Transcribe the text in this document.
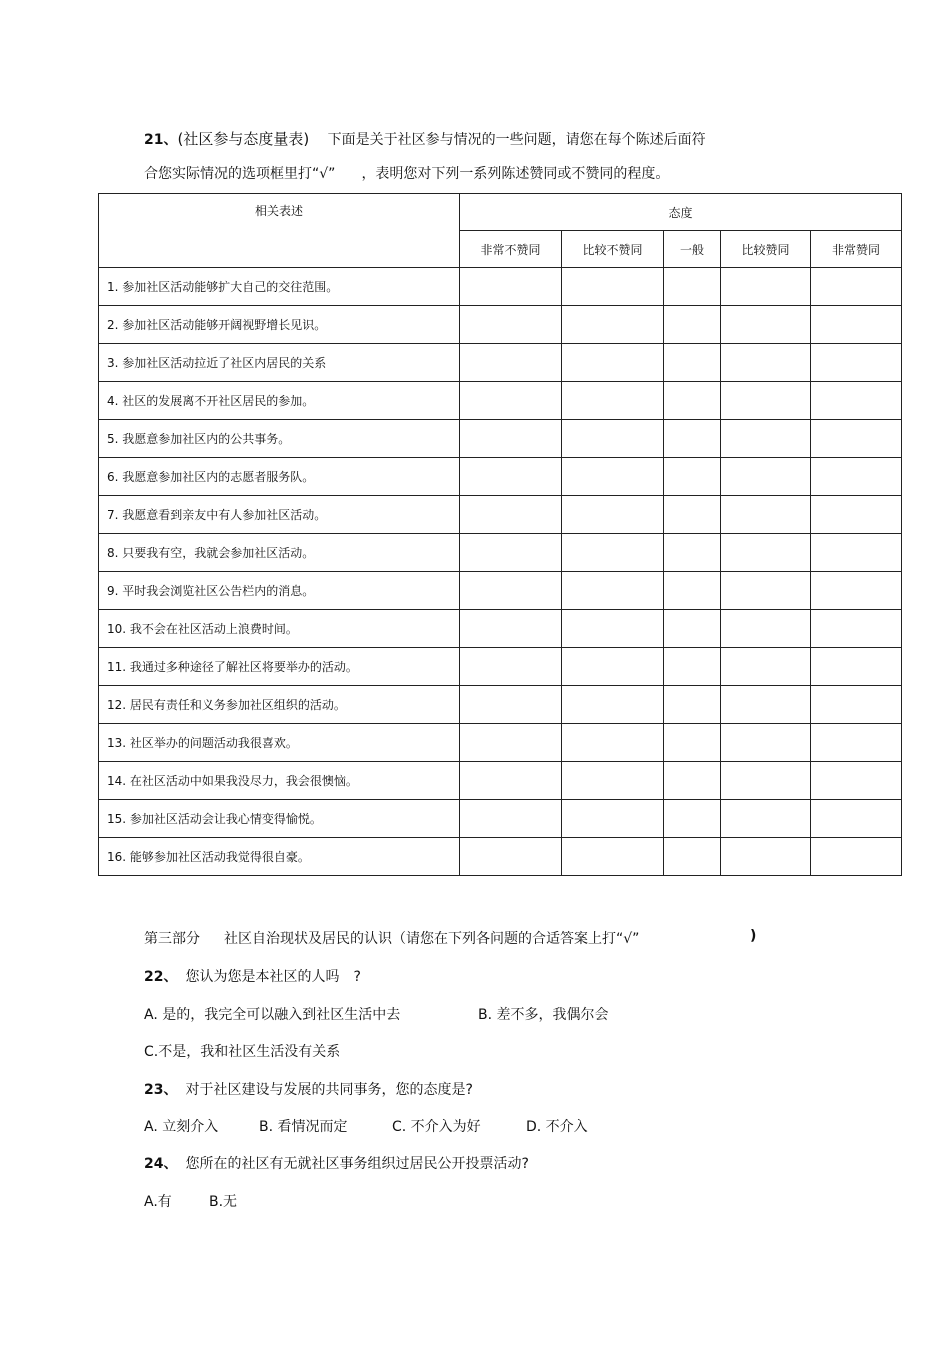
21、(社区参与态度量表) 下面是关于社区参与情况的一些问题，请您在每个陈述后面符
合您实际情况的选项框里打“√” ，表明您对下列一系列陈述赞同或不赞同的程度。
相关表述	态度				
	非常不赞同	比较不赞同	一般	比较赞同	非常赞同
1. 参加社区活动能够扩大自己的交往范围。					
2. 参加社区活动能够开阔视野增长见识。					
3. 参加社区活动拉近了社区内居民的关系					
4. 社区的发展离不开社区居民的参加。					
5. 我愿意参加社区内的公共事务。					
6. 我愿意参加社区内的志愿者服务队。					
7. 我愿意看到亲友中有人参加社区活动。					
8. 只要我有空，我就会参加社区活动。					
9. 平时我会浏览社区公告栏内的消息。					
10. 我不会在社区活动上浪费时间。					
11. 我通过多种途径了解社区将要举办的活动。					
12. 居民有责任和义务参加社区组织的活动。					
13. 社区举办的问题活动我很喜欢。					
14. 在社区活动中如果我没尽力，我会很懊恼。					
15. 参加社区活动会让我心情变得愉悦。					
16. 能够参加社区活动我觉得很自豪。					
第三部分 社区自治现状及居民的认识（请您在下列各问题的合适答案上打“√”	)
22、 您认为您是本社区的人吗 ?
A. 是的，我完全可以融入到社区生活中去	B. 差不多，我偶尔会
C.不是，我和社区生活没有关系
23、 对于社区建设与发展的共同事务，您的态度是?
A. 立刻介入	B. 看情况而定	C. 不介入为好	D. 不介入
24、 您所在的社区有无就社区事务组织过居民公开投票活动?
A.有	B.无
